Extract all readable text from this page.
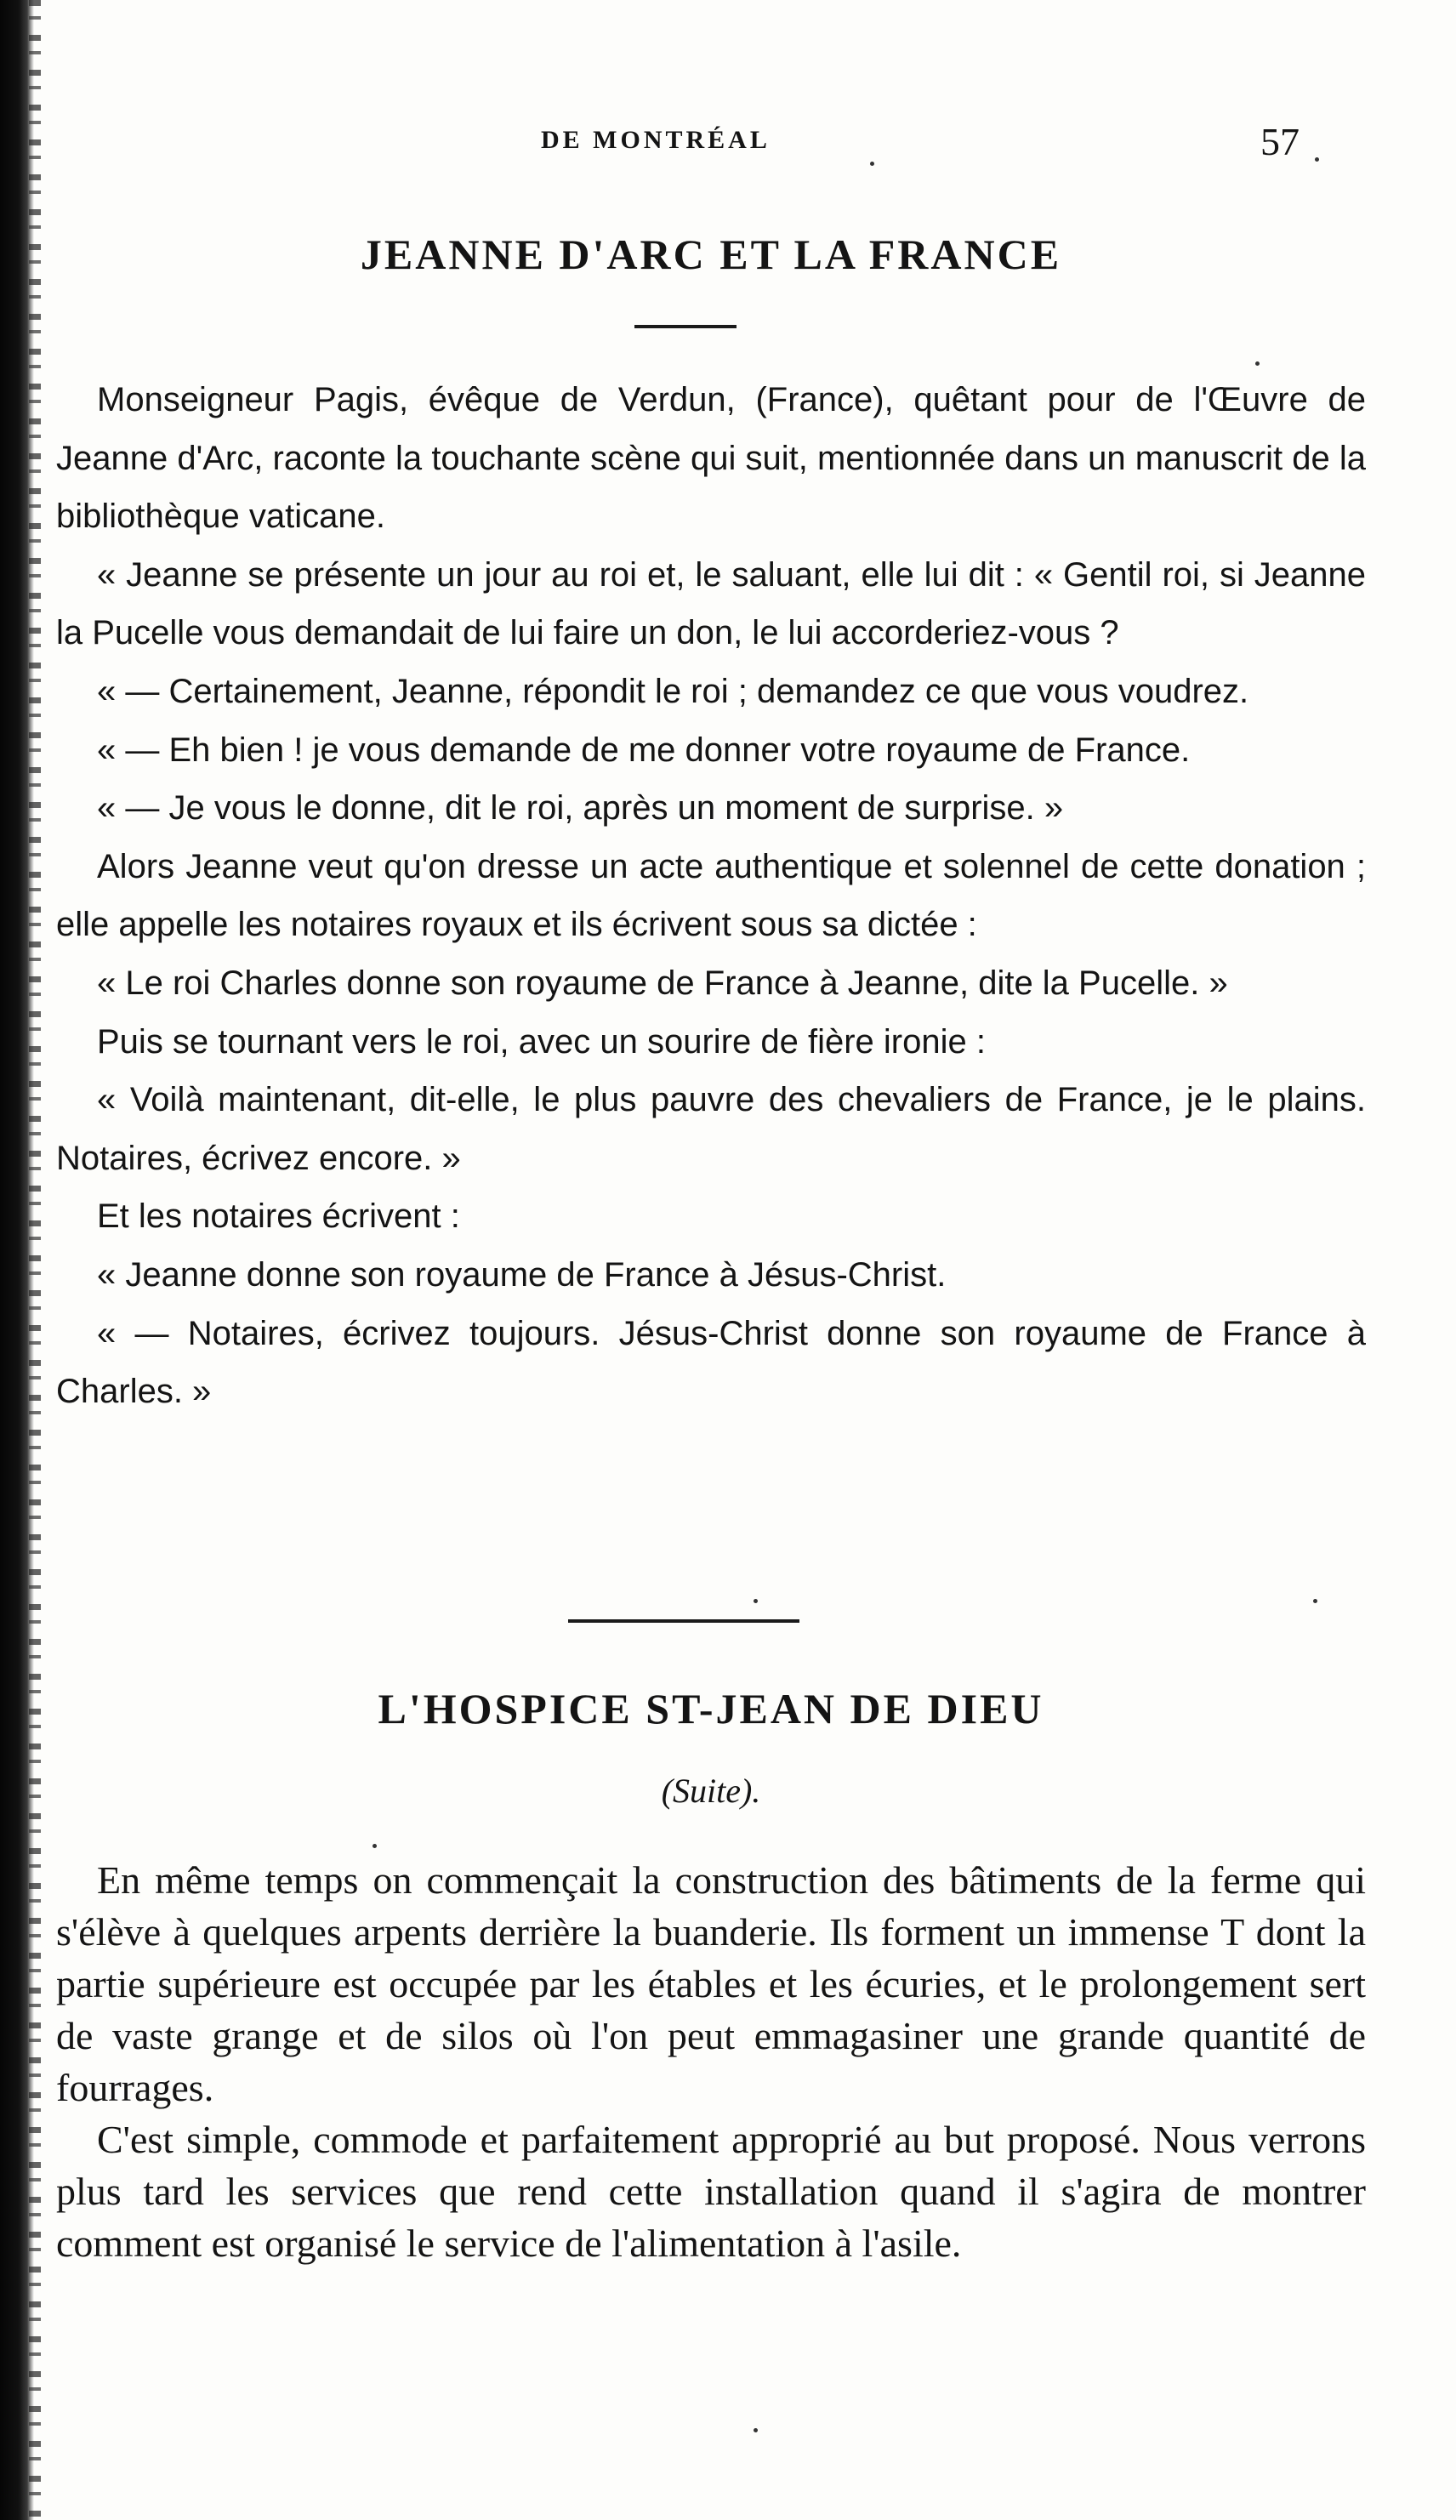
DE MONTRÉAL	57
JEANNE D'ARC ET LA FRANCE

Monseigneur Pagis, évêque de Verdun, (France), quêtant pour de l'Œuvre de Jeanne d'Arc, raconte la touchante scène qui suit, mentionnée dans un manuscrit de la bibliothèque vaticane.

« Jeanne se présente un jour au roi et, le saluant, elle lui dit : « Gentil roi, si Jeanne la Pucelle vous demandait de lui faire un don, le lui accorderiez-vous ?

« — Certainement, Jeanne, répondit le roi ; demandez ce que vous voudrez.

« — Eh bien ! je vous demande de me donner votre royaume de France.

« — Je vous le donne, dit le roi, après un moment de surprise. »

Alors Jeanne veut qu'on dresse un acte authentique et solennel de cette donation ; elle appelle les notaires royaux et ils écrivent sous sa dictée :

« Le roi Charles donne son royaume de France à Jeanne, dite la Pucelle. »

Puis se tournant vers le roi, avec un sourire de fière ironie :

« Voilà maintenant, dit-elle, le plus pauvre des chevaliers de France, je le plains. Notaires, écrivez encore. »

Et les notaires écrivent :

« Jeanne donne son royaume de France à Jésus-Christ.

« — Notaires, écrivez toujours. Jésus-Christ donne son royaume de France à Charles. »

L'HOSPICE ST-JEAN DE DIEU
(Suite).

En même temps on commençait la construction des bâtiments de la ferme qui s'élève à quelques arpents derrière la buanderie. Ils forment un immense T dont la partie supérieure est occupée par les étables et les écuries, et le prolongement sert de vaste grange et de silos où l'on peut emmagasiner une grande quantité de fourrages.

C'est simple, commode et parfaitement approprié au but proposé. Nous verrons plus tard les services que rend cette installation quand il s'agira de montrer comment est organisé le service de l'alimentation à l'asile.
